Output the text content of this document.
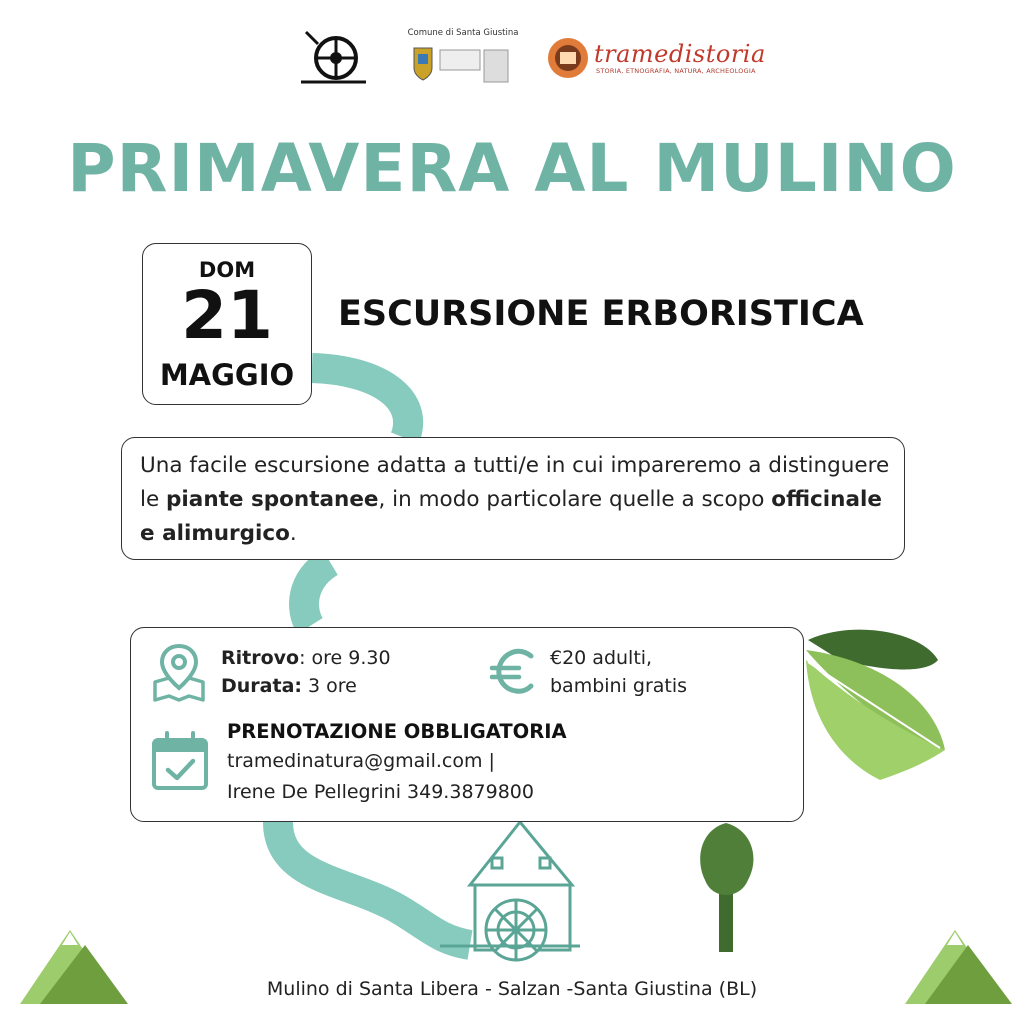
Comune di Santa Giustina
tramedistoria
STORIA, ETNOGRAFIA, NATURA, ARCHEOLOGIA
PRIMAVERA AL MULINO
DOM
21
MAGGIO
ESCURSIONE ERBORISTICA
Una facile escursione adatta a tutti/e in cui impareremo a distinguere le piante spontanee, in modo particolare quelle a scopo officinale e alimurgico.
Ritrovo: ore 9.30
Durata: 3 ore
€20 adulti,
bambini gratis
PRENOTAZIONE OBBLIGATORIA
tramedinatura@gmail.com |
Irene De Pellegrini 349.3879800
Mulino di Santa Libera - Salzan -Santa Giustina (BL)
